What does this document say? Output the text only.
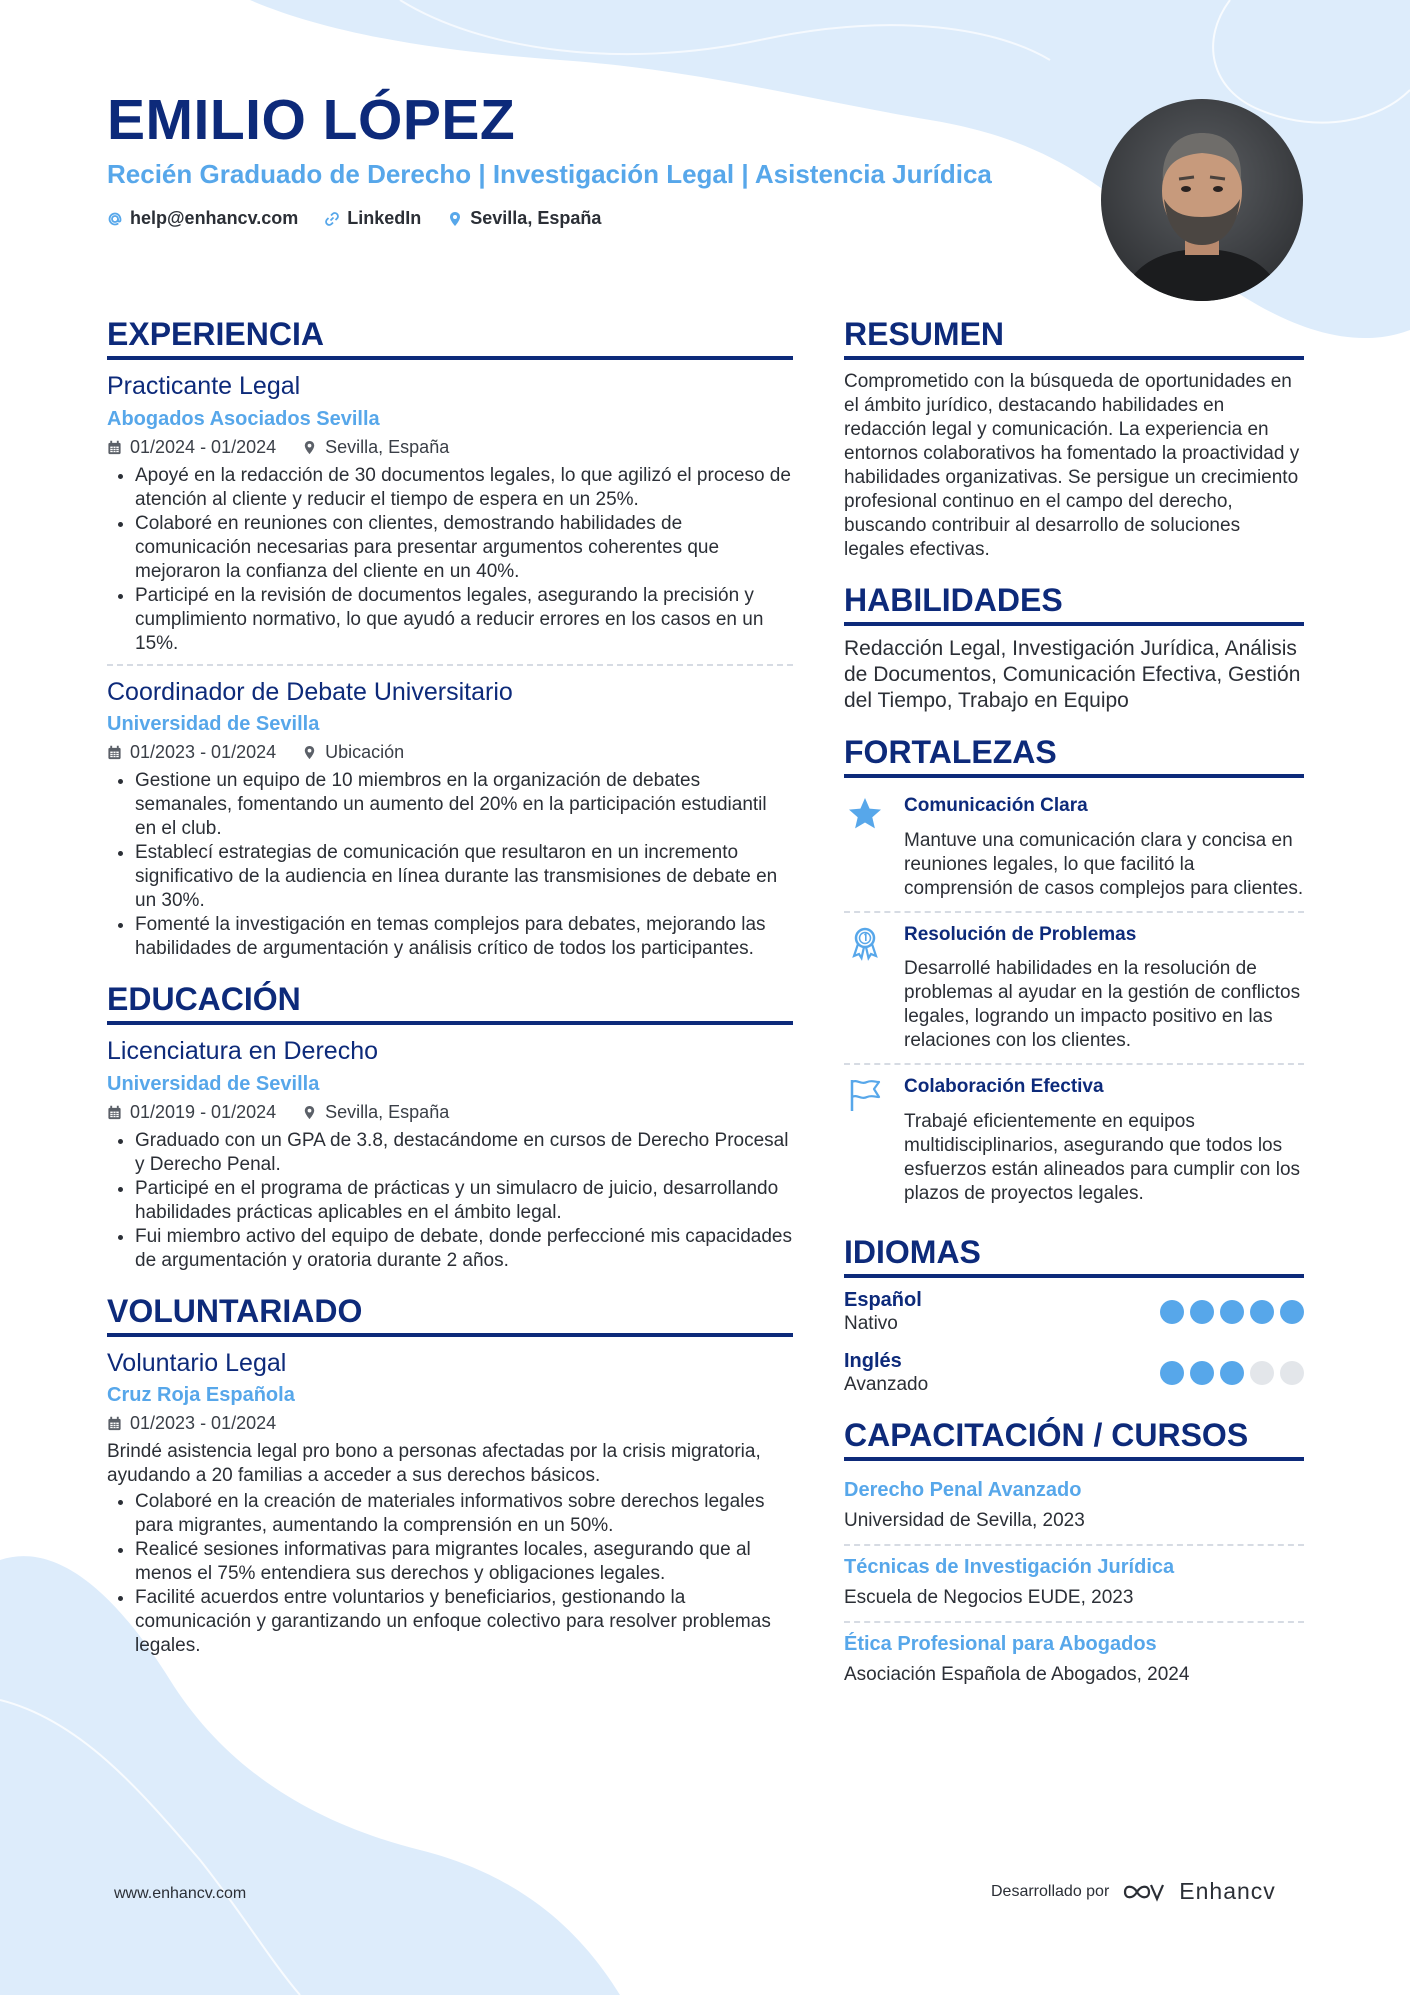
EMILIO LÓPEZ
Recién Graduado de Derecho | Investigación Legal | Asistencia Jurídica
help@enhancv.com	LinkedIn	Sevilla, España
EXPERIENCIA
Practicante Legal
Abogados Asociados Sevilla
01/2024 - 01/2024	Sevilla, España
• Apoyé en la redacción de 30 documentos legales, lo que agilizó el proceso de atención al cliente y reducir el tiempo de espera en un 25%.
• Colaboré en reuniones con clientes, demostrando habilidades de comunicación necesarias para presentar argumentos coherentes que mejoraron la confianza del cliente en un 40%.
• Participé en la revisión de documentos legales, asegurando la precisión y cumplimiento normativo, lo que ayudó a reducir errores en los casos en un 15%.
Coordinador de Debate Universitario
Universidad de Sevilla
01/2023 - 01/2024	Ubicación
• Gestione un equipo de 10 miembros en la organización de debates semanales, fomentando un aumento del 20% en la participación estudiantil en el club.
• Establecí estrategias de comunicación que resultaron en un incremento significativo de la audiencia en línea durante las transmisiones de debate en un 30%.
• Fomenté la investigación en temas complejos para debates, mejorando las habilidades de argumentación y análisis crítico de todos los participantes.
EDUCACIÓN
Licenciatura en Derecho
Universidad de Sevilla
01/2019 - 01/2024	Sevilla, España
• Graduado con un GPA de 3.8, destacándome en cursos de Derecho Procesal y Derecho Penal.
• Participé en el programa de prácticas y un simulacro de juicio, desarrollando habilidades prácticas aplicables en el ámbito legal.
• Fui miembro activo del equipo de debate, donde perfeccioné mis capacidades de argumentación y oratoria durante 2 años.
VOLUNTARIADO
Voluntario Legal
Cruz Roja Española
01/2023 - 01/2024

Brindé asistencia legal pro bono a personas afectadas por la crisis migratoria, ayudando a 20 familias a acceder a sus derechos básicos.

• Colaboré en la creación de materiales informativos sobre derechos legales para migrantes, aumentando la comprensión en un 50%.
• Realicé sesiones informativas para migrantes locales, asegurando que al menos el 75% entendiera sus derechos y obligaciones legales.
• Facilité acuerdos entre voluntarios y beneficiarios, gestionando la comunicación y garantizando un enfoque colectivo para resolver problemas legales.
RESUMEN

Comprometido con la búsqueda de oportunidades en el ámbito jurídico, destacando habilidades en redacción legal y comunicación. La experiencia en entornos colaborativos ha fomentado la proactividad y habilidades organizativas. Se persigue un crecimiento profesional continuo en el campo del derecho, buscando contribuir al desarrollo de soluciones legales efectivas.

HABILIDADES

Redacción Legal, Investigación Jurídica, Análisis de Documentos, Comunicación Efectiva, Gestión del Tiempo, Trabajo en Equipo

FORTALEZAS
Comunicación Clara
Mantuve una comunicación clara y concisa en reuniones legales, lo que facilitó la comprensión de casos complejos para clientes.
Resolución de Problemas
Desarrollé habilidades en la resolución de problemas al ayudar en la gestión de conflictos legales, logrando un impacto positivo en las relaciones con los clientes.
Colaboración Efectiva
Trabajé eficientemente en equipos multidisciplinarios, asegurando que todos los esfuerzos están alineados para cumplir con los plazos de proyectos legales.
IDIOMAS
Español
Nativo
Inglés
Avanzado
CAPACITACIÓN / CURSOS
Derecho Penal Avanzado
Universidad de Sevilla, 2023
Técnicas de Investigación Jurídica
Escuela de Negocios EUDE, 2023
Ética Profesional para Abogados
Asociación Española de Abogados, 2024
www.enhancv.com	Desarrollado por	Enhancv
